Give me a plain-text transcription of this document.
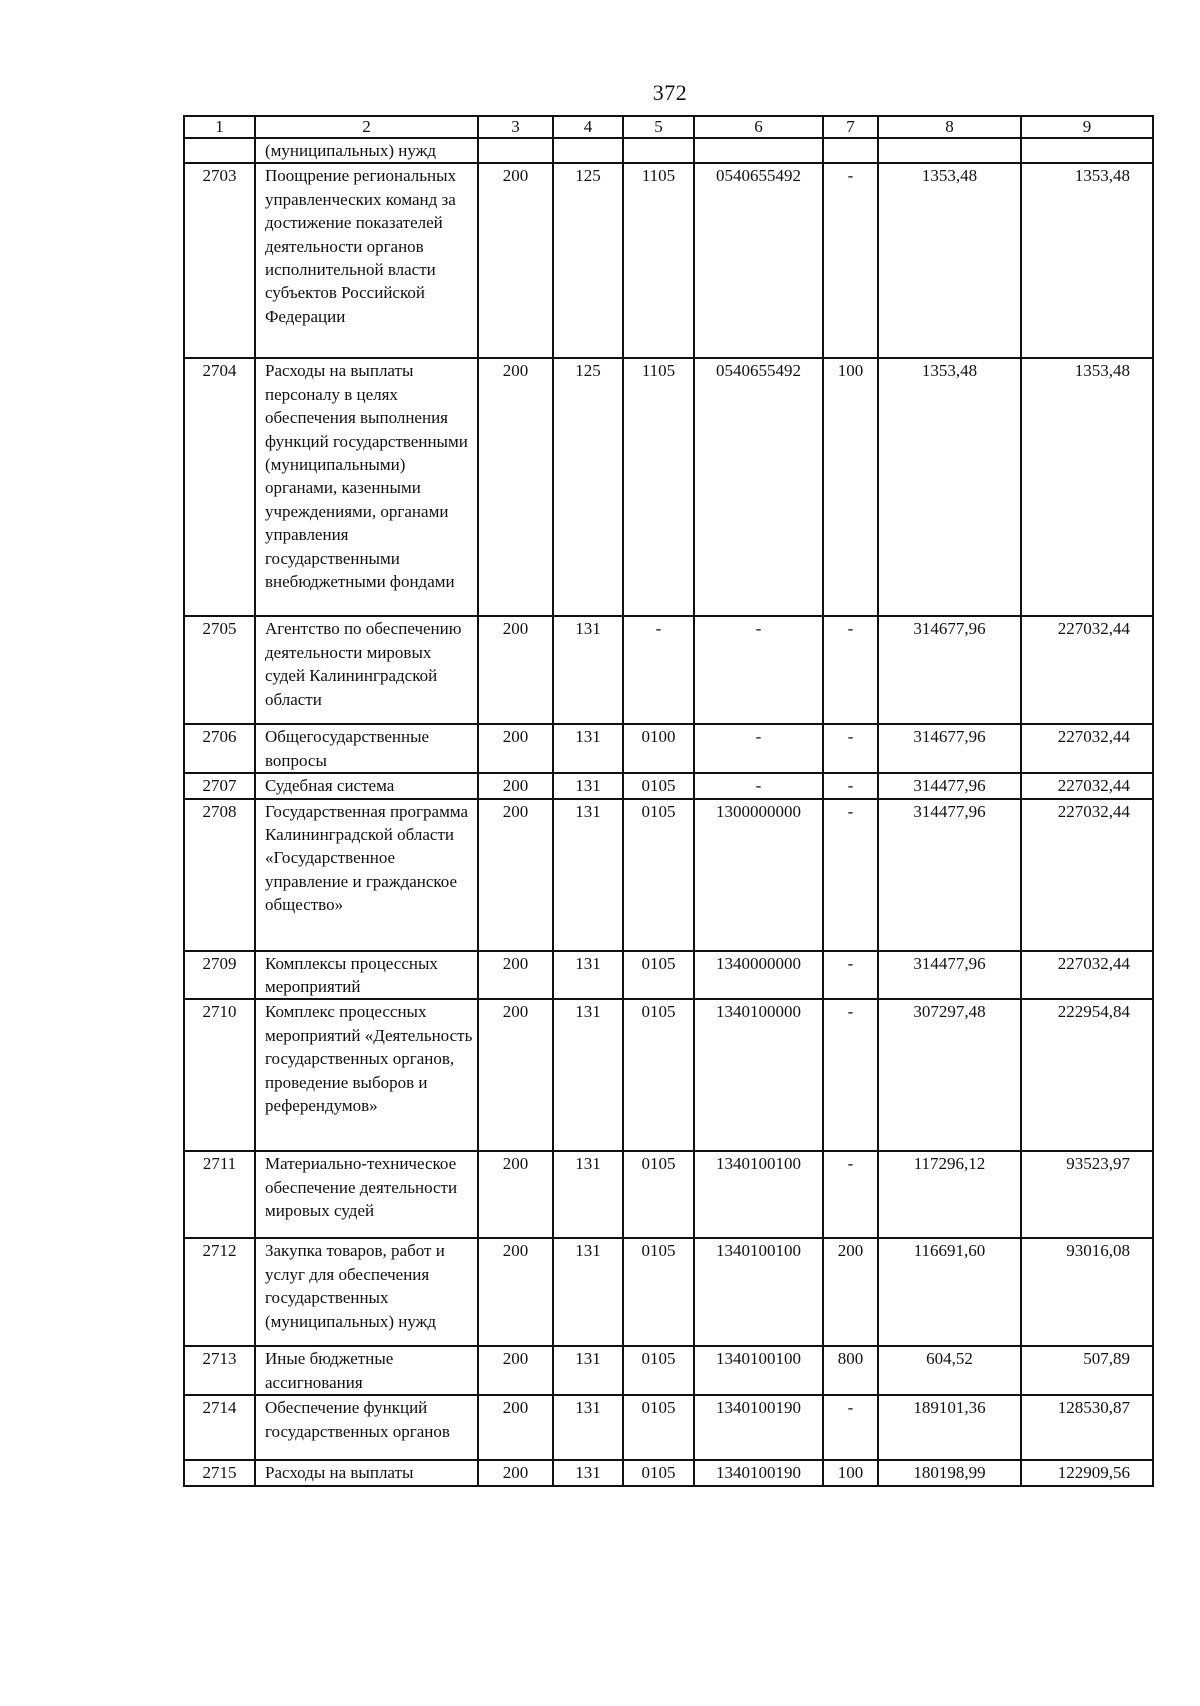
372
1	2	3	4	5	6	7	8	9
	(муниципальных) нужд							
2703	Поощрение региональных управленческих команд за достижение показателей деятельности органов исполнительной власти субъектов Российской Федерации	200	125	1105	0540655492	-	1353,48	1353,48
2704	Расходы на выплаты персоналу в целях обеспечения выполнения функций государственными (муниципальными) органами, казенными учреждениями, органами управления государственными внебюджетными фондами	200	125	1105	0540655492	100	1353,48	1353,48
2705	Агентство по обеспечению деятельности мировых судей Калининградской области	200	131	-	-	-	314677,96	227032,44
2706	Общегосударственные вопросы	200	131	0100	-	-	314677,96	227032,44
2707	Судебная система	200	131	0105	-	-	314477,96	227032,44
2708	Государственная программа Калининградской области «Государственное управление и гражданское общество»	200	131	0105	1300000000	-	314477,96	227032,44
2709	Комплексы процессных мероприятий	200	131	0105	1340000000	-	314477,96	227032,44
2710	Комплекс процессных мероприятий «Деятельность государственных органов, проведение выборов и референдумов»	200	131	0105	1340100000	-	307297,48	222954,84
2711	Материально-техническое обеспечение деятельности мировых судей	200	131	0105	1340100100	-	117296,12	93523,97
2712	Закупка товаров, работ и услуг для обеспечения государственных (муниципальных) нужд	200	131	0105	1340100100	200	116691,60	93016,08
2713	Иные бюджетные ассигнования	200	131	0105	1340100100	800	604,52	507,89
2714	Обеспечение функций государственных органов	200	131	0105	1340100190	-	189101,36	128530,87
2715	Расходы на выплаты	200	131	0105	1340100190	100	180198,99	122909,56
